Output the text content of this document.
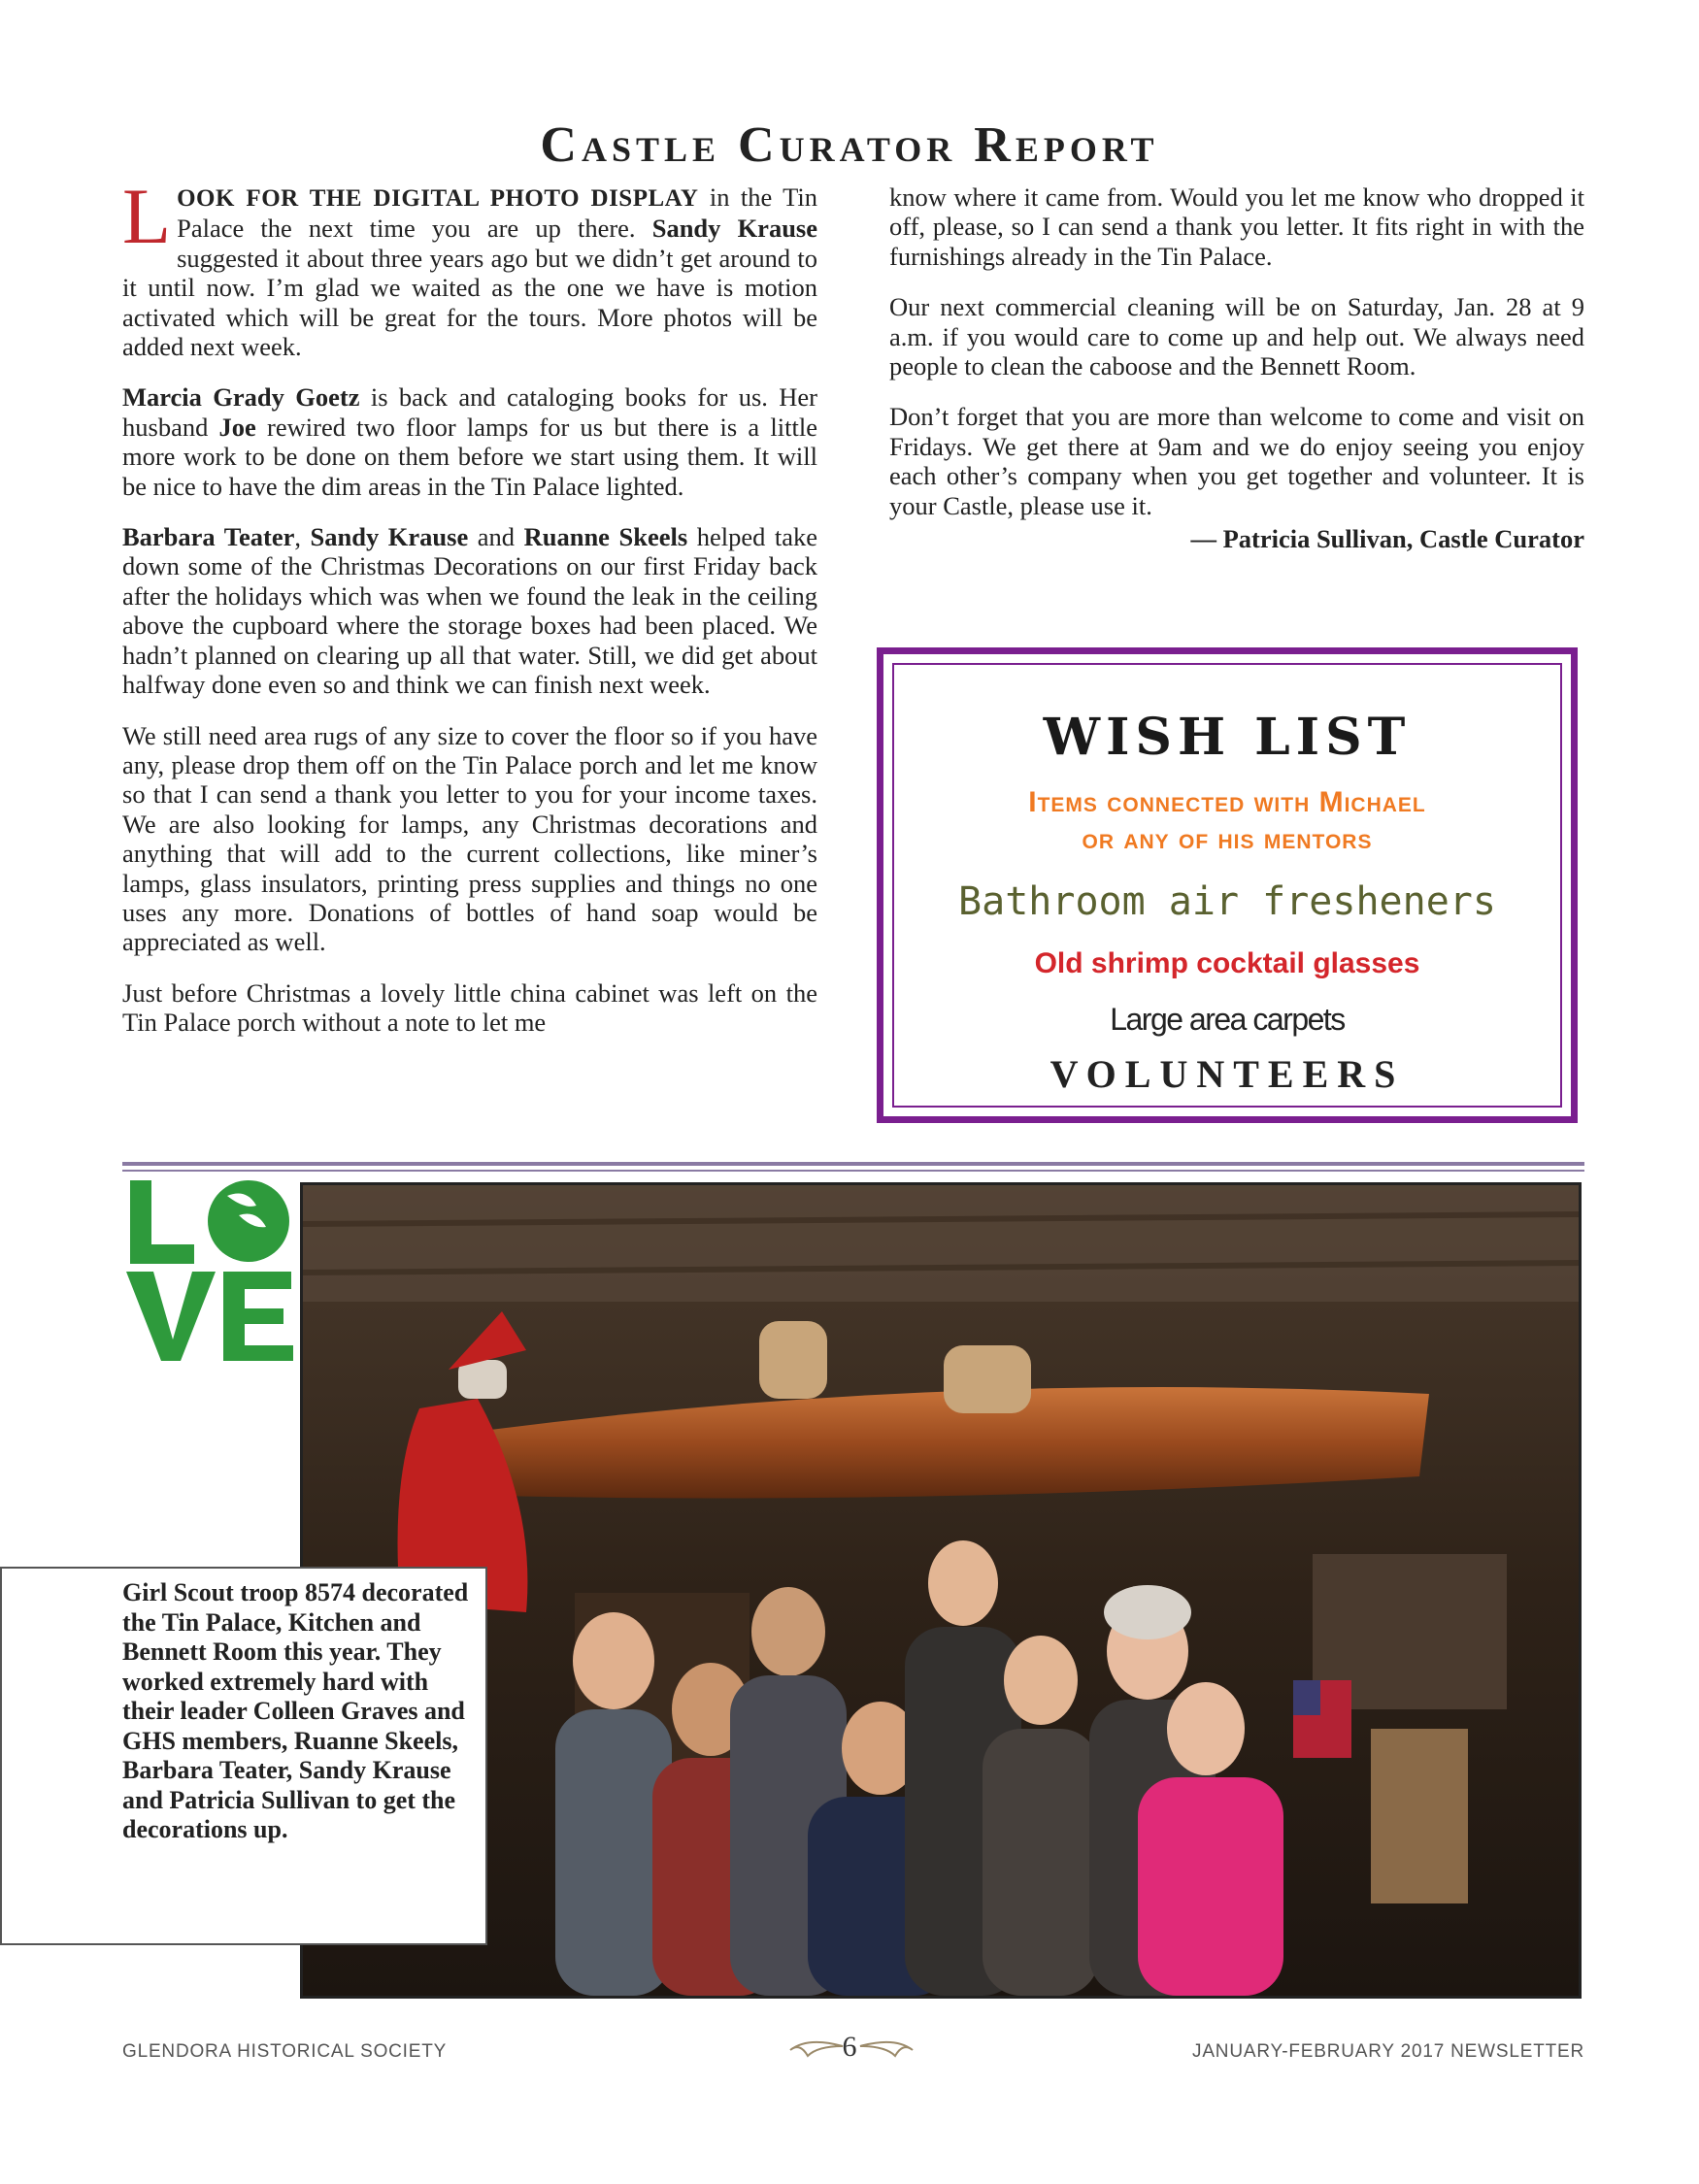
Castle Curator Report

LOOK FOR THE DIGITAL PHOTO DISPLAY in the Tin Palace the next time you are up there. Sandy Krause suggested it about three years ago but we didn’t get around to it until now. I’m glad we waited as the one we have is motion activated which will be great for the tours. More photos will be added next week.

Marcia Grady Goetz is back and cataloging books for us. Her husband Joe rewired two floor lamps for us but there is a little more work to be done on them before we start using them. It will be nice to have the dim areas in the Tin Palace lighted.

Barbara Teater, Sandy Krause and Ruanne Skeels helped take down some of the Christmas Decorations on our first Friday back after the holidays which was when we found the leak in the ceiling above the cupboard where the storage boxes had been placed. We hadn’t planned on clearing up all that water. Still, we did get about halfway done even so and think we can finish next week.

We still need area rugs of any size to cover the floor so if you have any, please drop them off on the Tin Palace porch and let me know so that I can send a thank you letter to you for your income taxes. We are also looking for lamps, any Christmas decorations and anything that will add to the current collections, like miner’s lamps, glass insulators, printing press supplies and things no one uses any more. Donations of bottles of hand soap would be appreciated as well.

Just before Christmas a lovely little china cabinet was left on the Tin Palace porch without a note to let me

know where it came from. Would you let me know who dropped it off, please, so I can send a thank you letter. It fits right in with the furnishings already in the Tin Palace.

Our next commercial cleaning will be on Saturday, Jan. 28 at 9 a.m. if you would care to come up and help out. We always need people to clean the caboose and the Bennett Room.

Don’t forget that you are more than welcome to come and visit on Fridays. We get there at 9am and we do enjoy seeing you enjoy each other’s company when you get together and volunteer. It is your Castle, please use it.

— Patricia Sullivan, Castle Curator
WISH LIST
Items connected with Michael
or any of his mentors
Bathroom air fresheners
Old shrimp cocktail glasses
Large area carpets
VOLUNTEERS
Girl Scout troop 8574 decorated the Tin Palace, Kitchen and Bennett Room this year. They worked extremely hard with their leader Colleen Graves and GHS members, Ruanne Skeels, Barbara Teater, Sandy Krause and Patricia Sullivan to get the decorations up.
GLENDORA HISTORICAL SOCIETY	6	JANUARY-FEBRUARY 2017 NEWSLETTER
